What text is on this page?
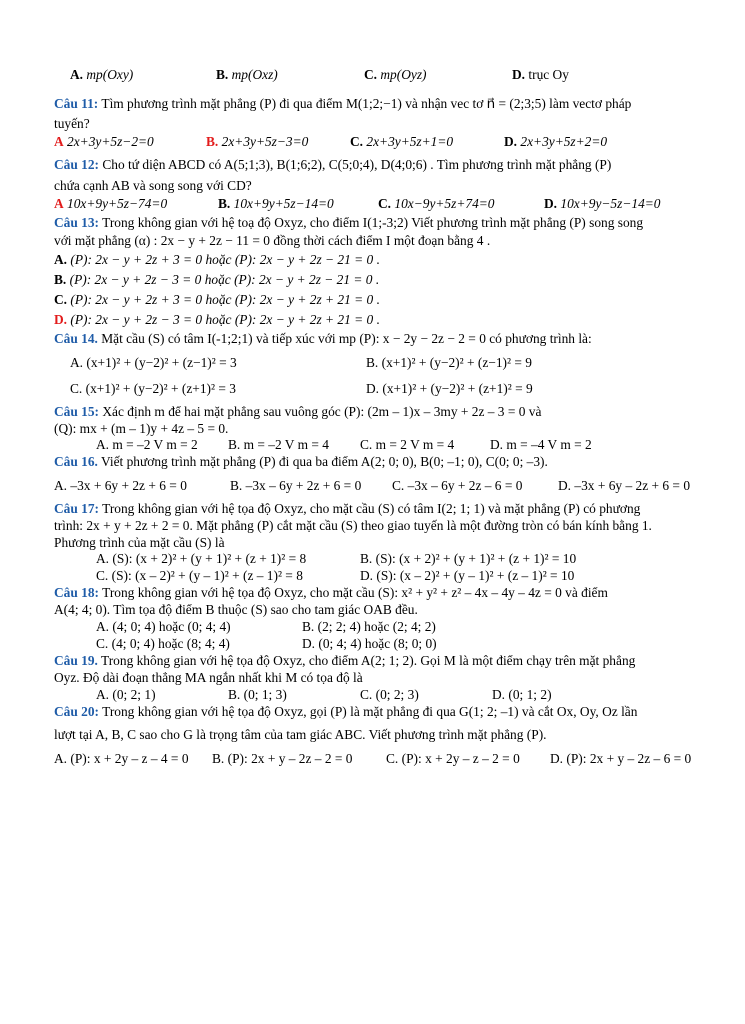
A. mp(Oxy)	B. mp(Oxz)	C. mp(Oyz)	D. trục Oy
Câu 11: Tìm phương trình mặt phẳng (P) đi qua điểm M(1;2;−1) và nhận vec tơ n⃗ = (2;3;5) làm vectơ pháp
tuyến?
A 2x+3y+5z−2=0	B. 2x+3y+5z−3=0	C. 2x+3y+5z+1=0	D. 2x+3y+5z+2=0
Câu 12: Cho tứ diện ABCD có A(5;1;3), B(1;6;2), C(5;0;4), D(4;0;6) . Tìm phương trình mặt phẳng (P)
chứa cạnh AB và song song với CD?
A 10x+9y+5z−74=0	B. 10x+9y+5z−14=0	C. 10x−9y+5z+74=0	D. 10x+9y−5z−14=0
Câu 13: Trong không gian với hệ toạ độ Oxyz, cho điểm I(1;-3;2) Viết phương trình mặt phẳng (P) song song
với mặt phẳng (α) : 2x − y + 2z − 11 = 0 đồng thời cách điểm I một đoạn bằng 4 .
A. (P): 2x − y + 2z + 3 = 0 hoặc (P): 2x − y + 2z − 21 = 0 .
B. (P): 2x − y + 2z − 3 = 0 hoặc (P): 2x − y + 2z − 21 = 0 .
C. (P): 2x − y + 2z + 3 = 0 hoặc (P): 2x − y + 2z + 21 = 0 .
D. (P): 2x − y + 2z − 3 = 0 hoặc (P): 2x − y + 2z + 21 = 0 .
Câu 14. Mặt cầu (S) có tâm I(-1;2;1) và tiếp xúc với mp (P): x − 2y − 2z − 2 = 0 có phương trình là:
A. (x+1)² + (y−2)² + (z−1)² = 3	B. (x+1)² + (y−2)² + (z−1)² = 9
C. (x+1)² + (y−2)² + (z+1)² = 3	D. (x+1)² + (y−2)² + (z+1)² = 9
Câu 15: Xác định m để hai mặt phẳng sau vuông góc (P): (2m – 1)x – 3my + 2z – 3 = 0 và
(Q): mx + (m – 1)y + 4z – 5 = 0.
A. m = –2 V m = 2 B. m = –2 V m = 4 C. m = 2 V m = 4	D. m = –4 V m = 2
Câu 16. Viết phương trình mặt phẳng (P) đi qua ba điểm A(2; 0; 0), B(0; –1; 0), C(0; 0; –3).
A. –3x + 6y + 2z + 6 = 0	B. –3x – 6y + 2z + 6 = 0 C. –3x – 6y + 2z – 6 = 0	D. –3x + 6y – 2z + 6 = 0
Câu 17: Trong không gian với hệ tọa độ Oxyz, cho mặt cầu (S) có tâm I(2; 1; 1) và mặt phẳng (P) có phương
trình: 2x + y + 2z + 2 = 0. Mặt phẳng (P) cắt mặt cầu (S) theo giao tuyến là một đường tròn có bán kính bằng 1.
Phương trình của mặt cầu (S) là
A. (S): (x + 2)² + (y + 1)² + (z + 1)² = 8	B. (S): (x + 2)² + (y + 1)² + (z + 1)² = 10
C. (S): (x – 2)² + (y – 1)² + (z – 1)² = 8	D. (S): (x – 2)² + (y – 1)² + (z – 1)² = 10
Câu 18: Trong không gian với hệ tọa độ Oxyz, cho mặt cầu (S): x² + y² + z² – 4x – 4y – 4z = 0 và điểm
A(4; 4; 0). Tìm tọa độ điểm B thuộc (S) sao cho tam giác OAB đều.
A. (4; 0; 4) hoặc (0; 4; 4)	B. (2; 2; 4) hoặc (2; 4; 2)
C. (4; 0; 4) hoặc (8; 4; 4)	D. (0; 4; 4) hoặc (8; 0; 0)
Câu 19. Trong không gian với hệ tọa độ Oxyz, cho điểm A(2; 1; 2). Gọi M là một điểm chạy trên mặt phẳng
Oyz. Độ dài đoạn thẳng MA ngắn nhất khi M có tọa độ là
A. (0; 2; 1)	B. (0; 1; 3)	C. (0; 2; 3)	D. (0; 1; 2)
Câu 20: Trong không gian với hệ tọa độ Oxyz, gọi (P) là mặt phẳng đi qua G(1; 2; –1) và cắt Ox, Oy, Oz lần
lượt tại A, B, C sao cho G là trọng tâm của tam giác ABC. Viết phương trình mặt phẳng (P).
A. (P): x + 2y – z – 4 = 0 B. (P): 2x + y – 2z – 2 = 0	C. (P): x + 2y – z – 2 = 0 D. (P): 2x + y – 2z – 6 = 0
